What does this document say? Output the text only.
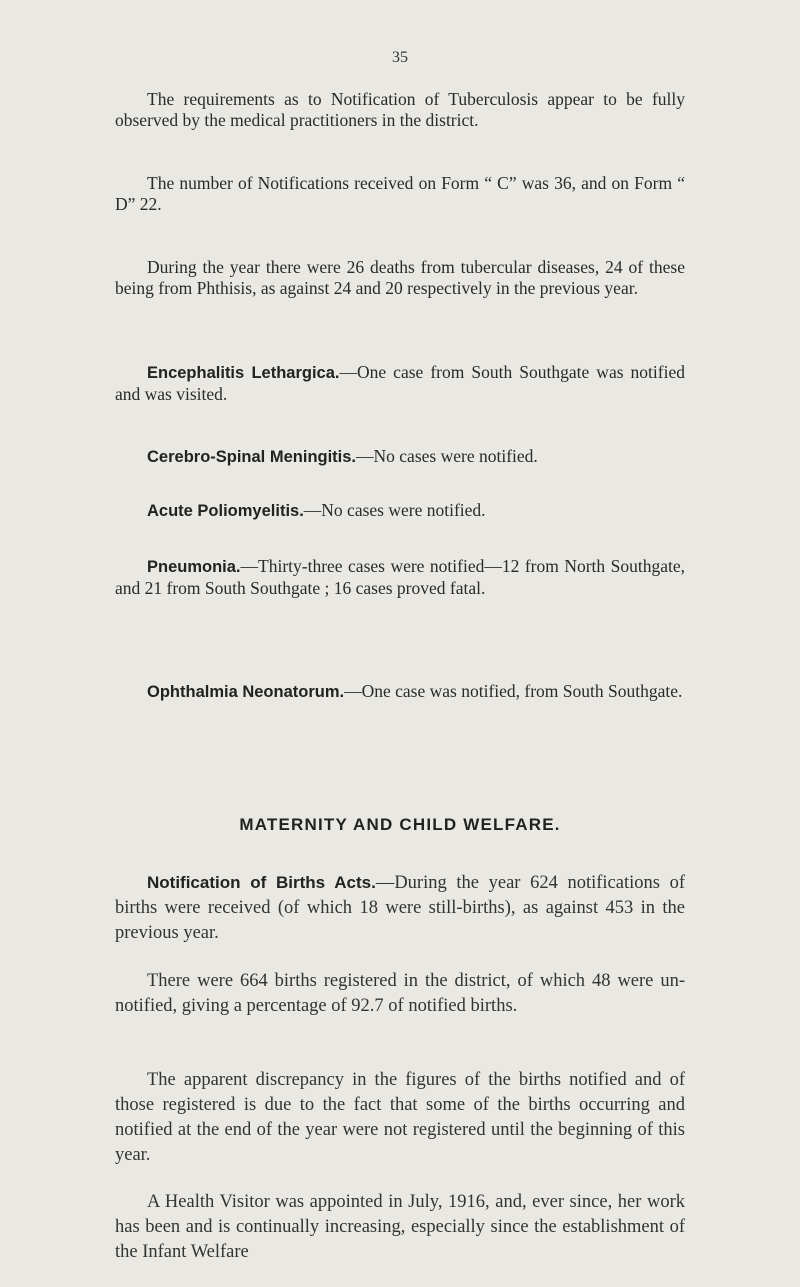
35

The requirements as to Notification of Tuberculosis appear to be fully observed by the medical practitioners in the district.

The number of Notifications received on Form “ C” was 36, and on Form “ D” 22.

During the year there were 26 deaths from tubercular diseases, 24 of these being from Phthisis, as against 24 and 20 respectively in the previous year.

Encephalitis Lethargica.—One case from South Southgate was notified and was visited.

Cerebro-Spinal Meningitis.—No cases were notified.

Acute Poliomyelitis.—No cases were notified.

Pneumonia.—Thirty-three cases were notified—12 from North Southgate, and 21 from South Southgate ; 16 cases proved fatal.

Ophthalmia Neonatorum.—One case was notified, from South Southgate.

MATERNITY AND CHILD WELFARE.

Notification of Births Acts.—During the year 624 notifications of births were received (of which 18 were still-births), as against 453 in the previous year.

There were 664 births registered in the district, of which 48 were un-notified, giving a percentage of 92.7 of notified births.

The apparent discrepancy in the figures of the births notified and of those registered is due to the fact that some of the births occurring and notified at the end of the year were not registered until the beginning of this year.

A Health Visitor was appointed in July, 1916, and, ever since, her work has been and is continually increasing, especially since the establishment of the Infant Welfare
